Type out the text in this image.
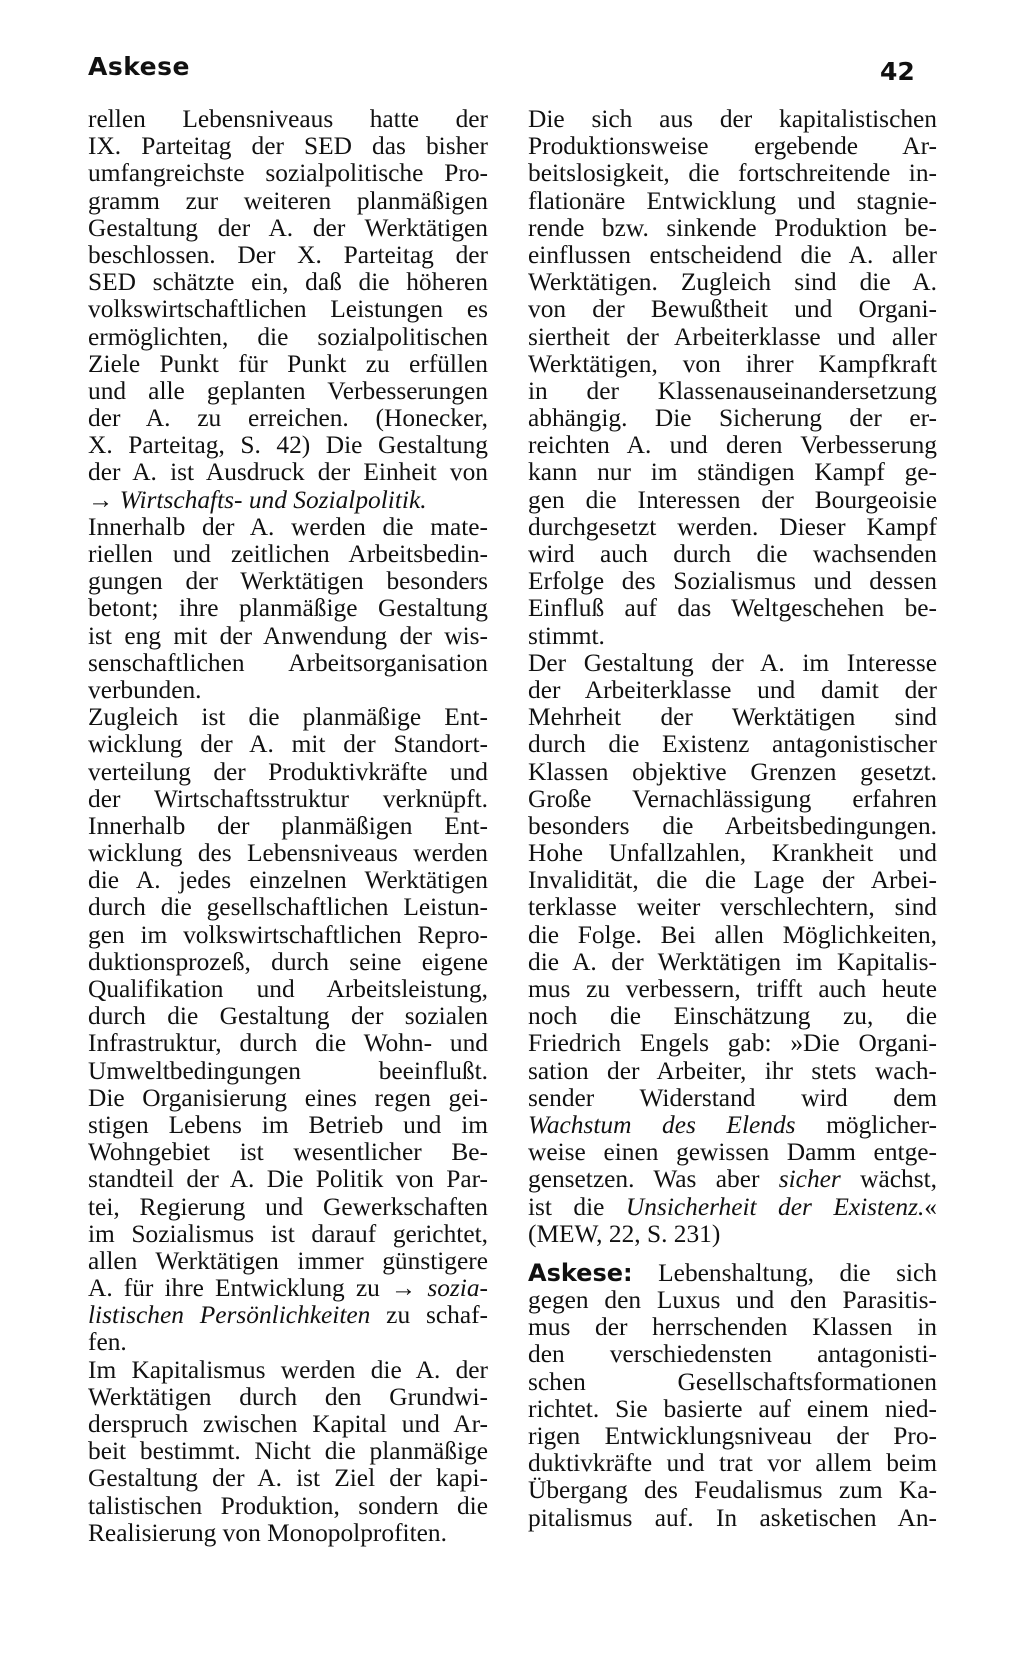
Askese	42
rellen Lebensniveaus hatte der
IX. Parteitag der SED das bisher
umfangreichste sozialpolitische Pro-
gramm zur weiteren planmäßigen
Gestaltung der A. der Werktätigen
beschlossen. Der X. Parteitag der
SED schätzte ein, daß die höheren
volkswirtschaftlichen Leistungen es
ermöglichten, die sozialpolitischen
Ziele Punkt für Punkt zu erfüllen
und alle geplanten Verbesserungen
der A. zu erreichen. (Honecker,
X. Parteitag, S. 42) Die Gestaltung
der A. ist Ausdruck der Einheit von
→ Wirtschafts- und Sozialpolitik.
Innerhalb der A. werden die mate-
riellen und zeitlichen Arbeitsbedin-
gungen der Werktätigen besonders
betont; ihre planmäßige Gestaltung
ist eng mit der Anwendung der wis-
senschaftlichen Arbeitsorganisation
verbunden.
Zugleich ist die planmäßige Ent-
wicklung der A. mit der Standort-
verteilung der Produktivkräfte und
der Wirtschaftsstruktur verknüpft.
Innerhalb der planmäßigen Ent-
wicklung des Lebensniveaus werden
die A. jedes einzelnen Werktätigen
durch die gesellschaftlichen Leistun-
gen im volkswirtschaftlichen Repro-
duktionsprozeß, durch seine eigene
Qualifikation und Arbeitsleistung,
durch die Gestaltung der sozialen
Infrastruktur, durch die Wohn- und
Umweltbedingungen beeinflußt.
Die Organisierung eines regen gei-
stigen Lebens im Betrieb und im
Wohngebiet ist wesentlicher Be-
standteil der A. Die Politik von Par-
tei, Regierung und Gewerkschaften
im Sozialismus ist darauf gerichtet,
allen Werktätigen immer günstigere
A. für ihre Entwicklung zu → sozia-
listischen Persönlichkeiten zu schaf-
fen.
Im Kapitalismus werden die A. der
Werktätigen durch den Grundwi-
derspruch zwischen Kapital und Ar-
beit bestimmt. Nicht die planmäßige
Gestaltung der A. ist Ziel der kapi-
talistischen Produktion, sondern die
Realisierung von Monopolprofiten.
Die sich aus der kapitalistischen
Produktionsweise ergebende Ar-
beitslosigkeit, die fortschreitende in-
flationäre Entwicklung und stagnie-
rende bzw. sinkende Produktion be-
einflussen entscheidend die A. aller
Werktätigen. Zugleich sind die A.
von der Bewußtheit und Organi-
siertheit der Arbeiterklasse und aller
Werktätigen, von ihrer Kampfkraft
in der Klassenauseinandersetzung
abhängig. Die Sicherung der er-
reichten A. und deren Verbesserung
kann nur im ständigen Kampf ge-
gen die Interessen der Bourgeoisie
durchgesetzt werden. Dieser Kampf
wird auch durch die wachsenden
Erfolge des Sozialismus und dessen
Einfluß auf das Weltgeschehen be-
stimmt.
Der Gestaltung der A. im Interesse
der Arbeiterklasse und damit der
Mehrheit der Werktätigen sind
durch die Existenz antagonistischer
Klassen objektive Grenzen gesetzt.
Große Vernachlässigung erfahren
besonders die Arbeitsbedingungen.
Hohe Unfallzahlen, Krankheit und
Invalidität, die die Lage der Arbei-
terklasse weiter verschlechtern, sind
die Folge. Bei allen Möglichkeiten,
die A. der Werktätigen im Kapitalis-
mus zu verbessern, trifft auch heute
noch die Einschätzung zu, die
Friedrich Engels gab: »Die Organi-
sation der Arbeiter, ihr stets wach-
sender Widerstand wird dem
Wachstum des Elends möglicher-
weise einen gewissen Damm entge-
gensetzen. Was aber sicher wächst,
ist die Unsicherheit der Existenz.«
(MEW, 22, S. 231)
Askese: Lebenshaltung, die sich
gegen den Luxus und den Parasitis-
mus der herrschenden Klassen in
den verschiedensten antagonisti-
schen Gesellschaftsformationen
richtet. Sie basierte auf einem nied-
rigen Entwicklungsniveau der Pro-
duktivkräfte und trat vor allem beim
Übergang des Feudalismus zum Ka-
pitalismus auf. In asketischen An-
